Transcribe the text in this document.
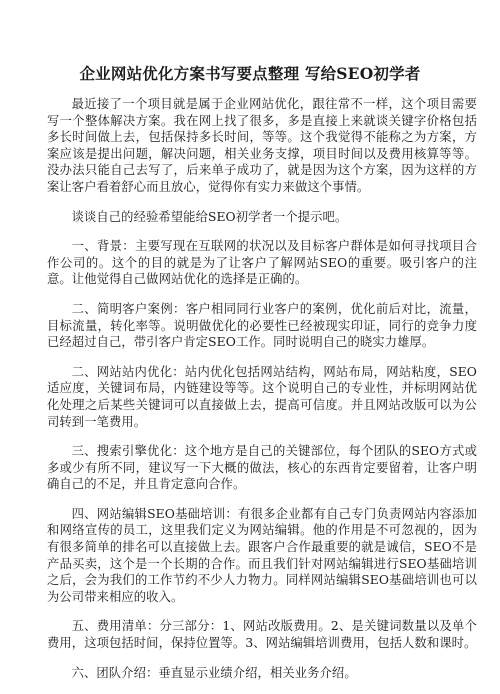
企业网站优化方案书写要点整理 写给SEO初学者

最近接了一个项目就是属于企业网站优化，跟往常不一样，这个项目需要写一个整体解决方案。我在网上找了很多，多是直接上来就谈关键字价格包括多长时间做上去，包括保持多长时间，等等。这个我觉得不能称之为方案，方案应该是提出问题，解决问题，相关业务支撑，项目时间以及费用核算等等。没办法只能自己去写了，后来单子成功了，就是因为这个方案，因为这样的方案让客户看着舒心而且放心，觉得你有实力来做这个事情。

谈谈自己的经验希望能给SEO初学者一个提示吧。

一、背景：主要写现在互联网的状况以及目标客户群体是如何寻找项目合作公司的。这个的目的就是为了让客户了解网站SEO的重要。吸引客户的注意。让他觉得自己做网站优化的选择是正确的。

二、简明客户案例：客户相同同行业客户的案例，优化前后对比，流量，目标流量，转化率等。说明做优化的必要性已经被现实印证，同行的竞争力度已经超过自己，带引客户肯定SEO工作。同时说明自己的晓实力雄厚。

二、网站站内优化：站内优化包括网站结构，网站布局，网站粘度，SEO适应度，关键词布局，内链建设等等。这个说明自己的专业性，并标明网站优化处理之后某些关键词可以直接做上去，提高可信度。并且网站改版可以为公司转到一笔费用。

三、搜索引擎优化：这个地方是自己的关键部位，每个团队的SEO方式或多或少有所不同，建议写一下大概的做法，核心的东西肯定要留着，让客户明确自己的不足，并且肯定意向合作。

四、网站编辑SEO基础培训：有很多企业都有自己专门负责网站内容添加和网络宣传的员工，这里我们定义为网站编辑。他的作用是不可忽视的，因为有很多简单的排名可以直接做上去。跟客户合作最重要的就是诚信，SEO不是产品买卖，这个是一个长期的合作。而且我们针对网站编辑进行SEO基础培训之后，会为我们的工作节约不少人力物力。同样网站编辑SEO基础培训也可以为公司带来相应的收入。

五、费用清单：分三部分：1、网站改版费用。2、是关键词数量以及单个费用，这项包括时间，保持位置等。3、网站编辑培训费用，包括人数和课时。

六、团队介绍：垂直显示业绩介绍，相关业务介绍。
